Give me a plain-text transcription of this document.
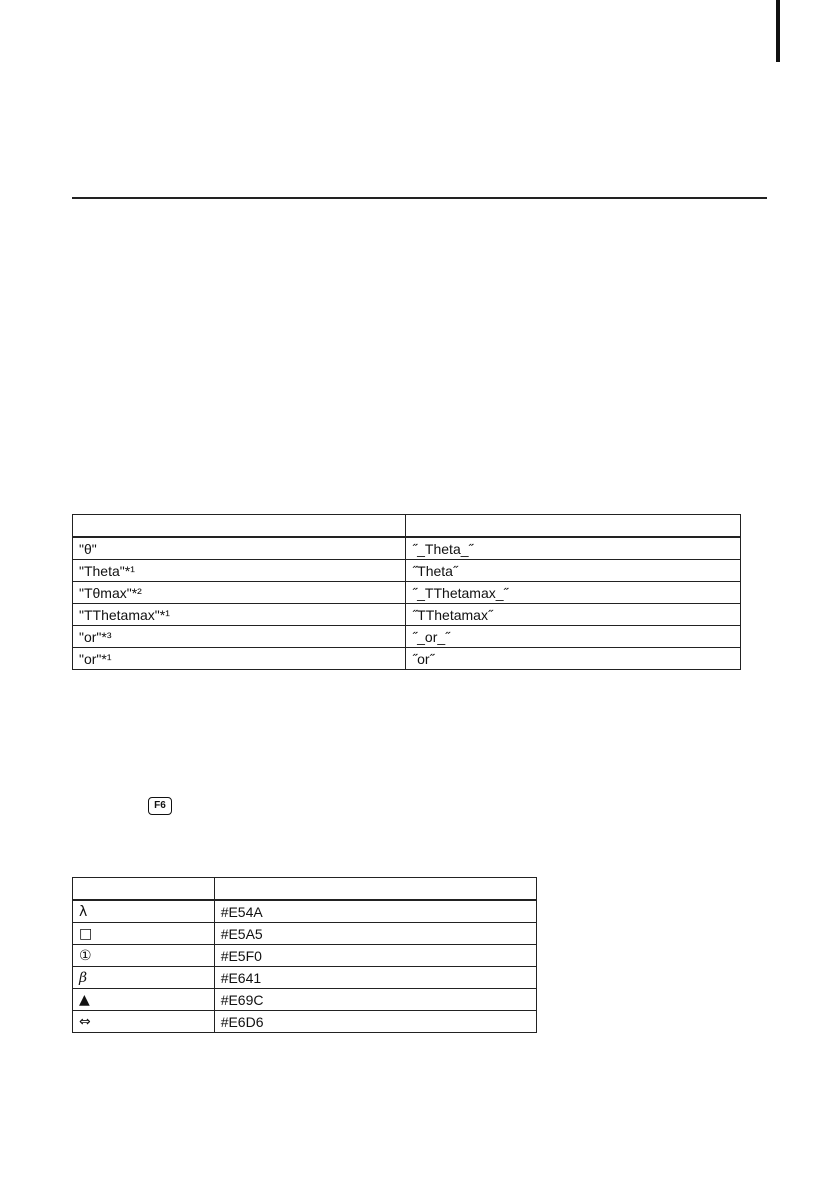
"θ"	˝_Theta_˝
"Theta"*¹	˝Theta˝
"Tθmax"*²	˝_TThetamax_˝
"TThetamax"*¹	˝TThetamax˝
"or"*³	˝_or_˝
"or"*¹	˝or˝
F6

λ	#E54A
□	#E5A5
①	#E5F0
β	#E641
▲	#E69C
⇔	#E6D6
